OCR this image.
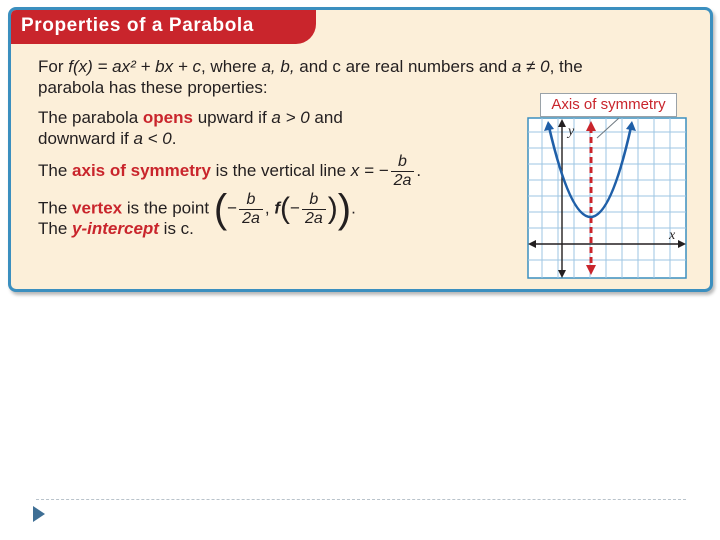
Properties of a Parabola
For f(x) = ax² + bx + c, where a, b, and c are real numbers and a ≠ 0, the
parabola has these properties:
The parabola opens upward if a > 0 and
downward if a < 0.
The axis of symmetry is the vertical line x = − $\frac{b}{2a}$ .
The vertex is the point (− $\frac{b}{2a}$ , $f(- \frac{b}{2a}$ )).
The y-intercept is c.
Axis of symmetry
y
x
